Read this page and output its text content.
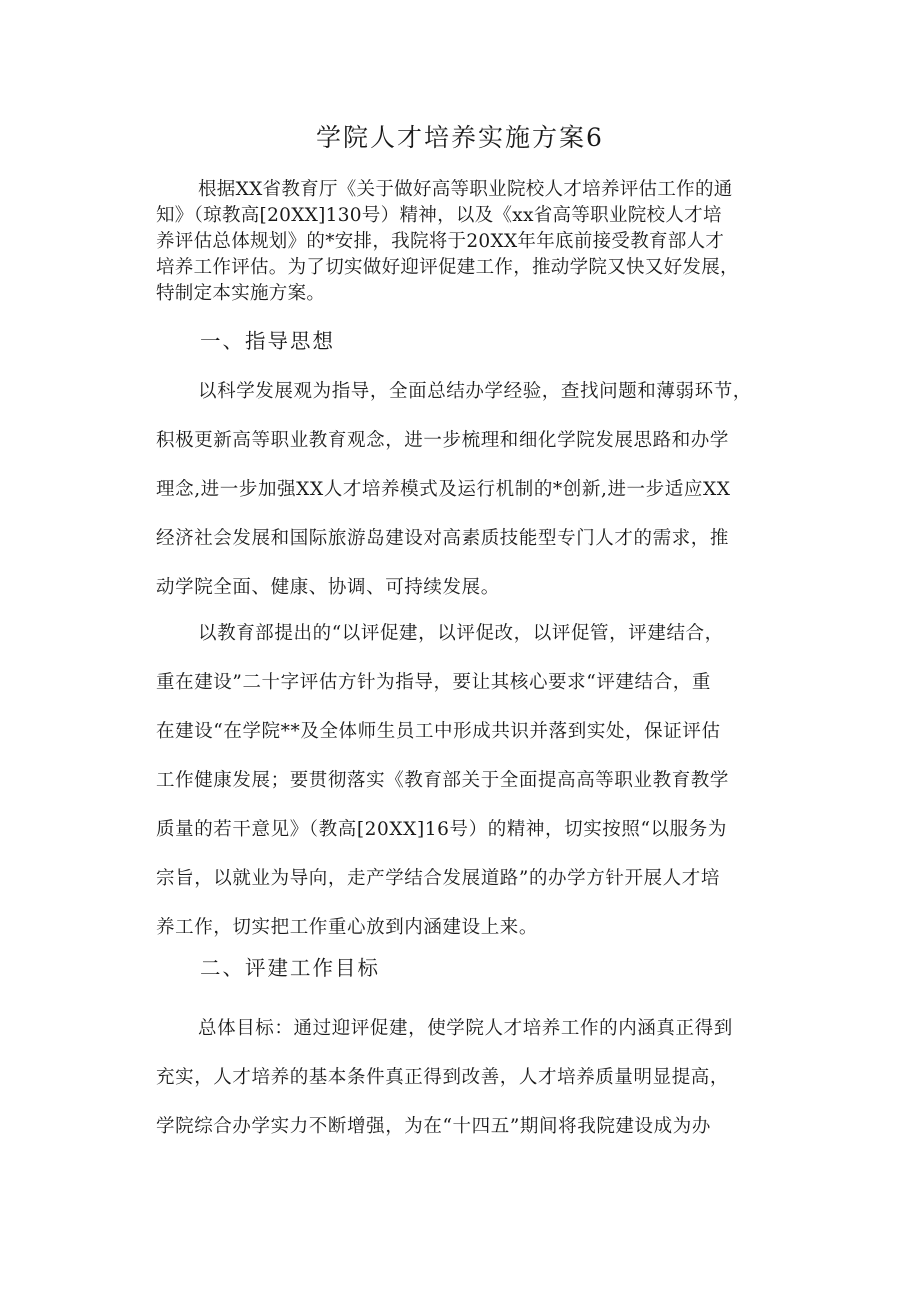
学院人才培养实施方案6
根据XX省教育厅《关于做好高等职业院校人才培养评估工作的通
知》（琼教高[20XX]130号）精神，以及《xx省高等职业院校人才培
养评估总体规划》的*安排，我院将于20XX年年底前接受教育部人才
培养工作评估。为了切实做好迎评促建工作，推动学院又快又好发展，
特制定本实施方案。
一、指导思想
以科学发展观为指导，全面总结办学经验，查找问题和薄弱环节，
积极更新高等职业教育观念，进一步梳理和细化学院发展思路和办学
理念,进一步加强XX人才培养模式及运行机制的*创新,进一步适应XX
经济社会发展和国际旅游岛建设对高素质技能型专门人才的需求，推
动学院全面、健康、协调、可持续发展。
以教育部提出的“以评促建，以评促改，以评促管，评建结合，
重在建设”二十字评估方针为指导，要让其核心要求“评建结合，重
在建设“在学院**及全体师生员工中形成共识并落到实处，保证评估
工作健康发展；要贯彻落实《教育部关于全面提高高等职业教育教学
质量的若干意见》（教高[20XX]16号）的精神，切实按照“以服务为
宗旨，以就业为导向，走产学结合发展道路”的办学方针开展人才培
养工作，切实把工作重心放到内涵建设上来。
二、评建工作目标
总体目标：通过迎评促建，使学院人才培养工作的内涵真正得到
充实，人才培养的基本条件真正得到改善，人才培养质量明显提高，
学院综合办学实力不断增强，为在“十四五”期间将我院建设成为办
